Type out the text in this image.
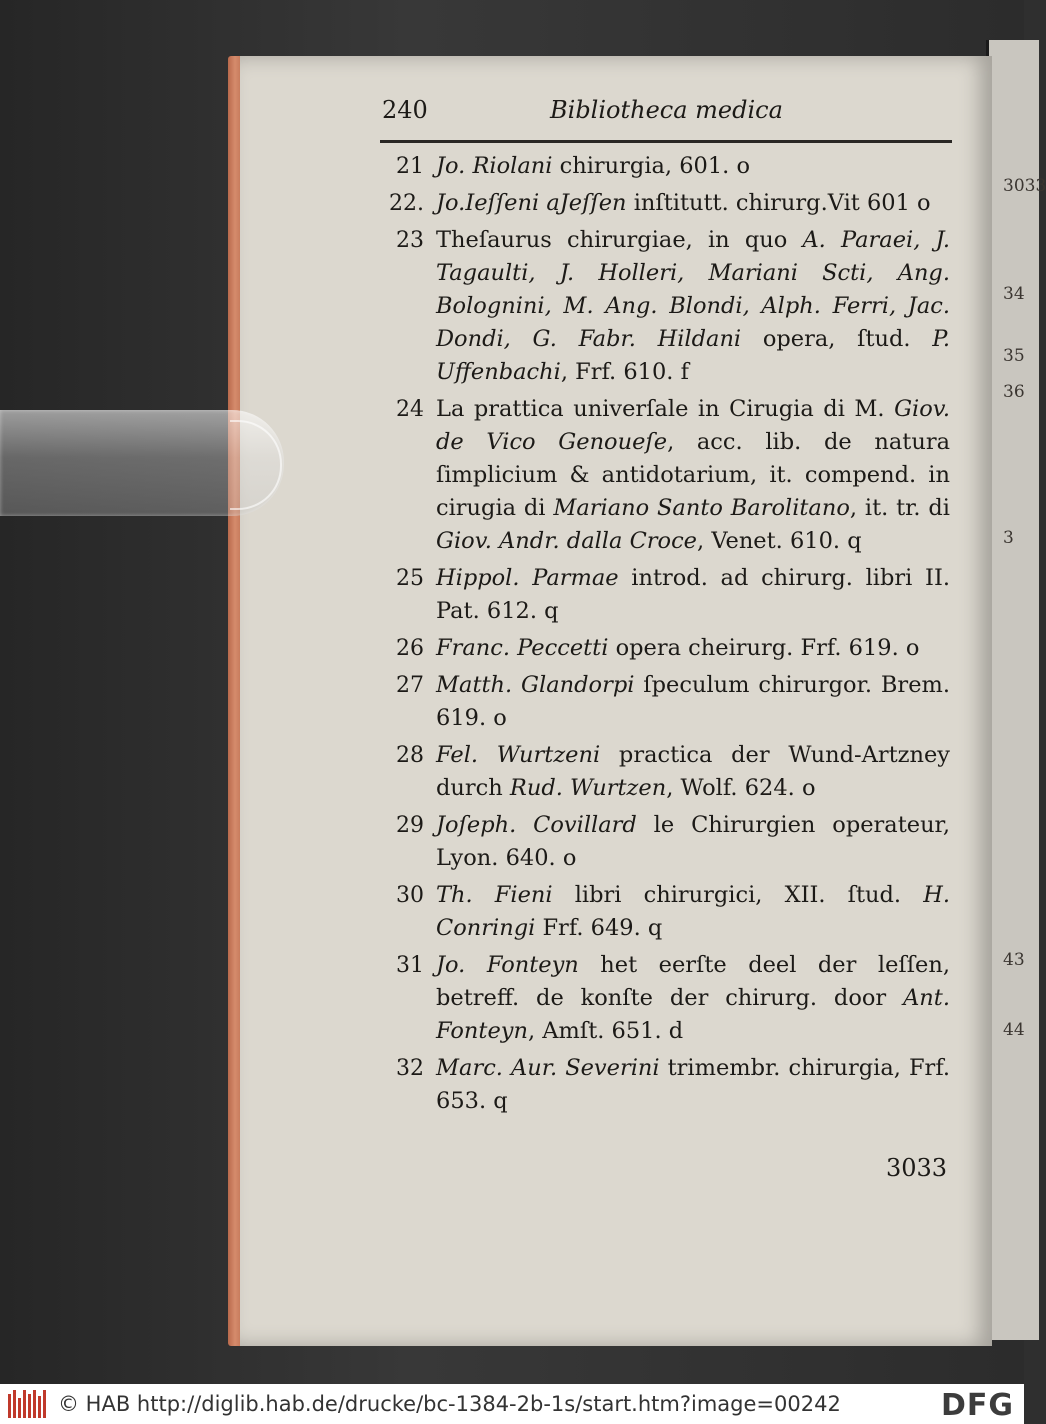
3033
34
35
36
3
43
44
240	Bibliotheca medica
21 Jo. Riolani chirurgia, 601. o
22. Jo.Ieſſeni aJeſſen inſtitutt. chirurg.Vit 601 o
23 Theſaurus chirurgiae, in quo A. Paraei, J. Tagaulti, J. Holleri, Mariani Scti, Ang. Bolognini, M. Ang. Blondi, Alph. Ferri, Jac. Dondi, G. Fabr. Hildani opera, ſtud. P. Uffenbachi, Frf. 610. f
24 La prattica univerſale in Cirugia di M. Giov. de Vico Genoueſe, acc. lib. de natura ſimplicium & antidotarium, it. compend. in cirugia di Mariano Santo Barolitano, it. tr. di Giov. Andr. dalla Croce, Venet. 610. q
25 Hippol. Parmae introd. ad chirurg. libri II. Pat. 612. q
26 Franc. Peccetti opera cheirurg. Frf. 619. o
27 Matth. Glandorpi ſpeculum chirurgor. Brem. 619. o
28 Fel. Wurtzeni practica der Wund-Artzney durch Rud. Wurtzen, Wolf. 624. o
29 Joſeph. Covillard le Chirurgien operateur, Lyon. 640. o
30 Th. Fieni libri chirurgici, XII. ſtud. H. Conringi Frf. 649. q
31 Jo. Fonteyn het eerſte deel der leſſen, betreff. de konſte der chirurg. door Ant. Fonteyn, Amſt. 651. d
32 Marc. Aur. Severini trimembr. chirurgia, Frf. 653. q
3033
© HAB http://diglib.hab.de/drucke/bc-1384-2b-1s/start.htm?image=00242	DFG
